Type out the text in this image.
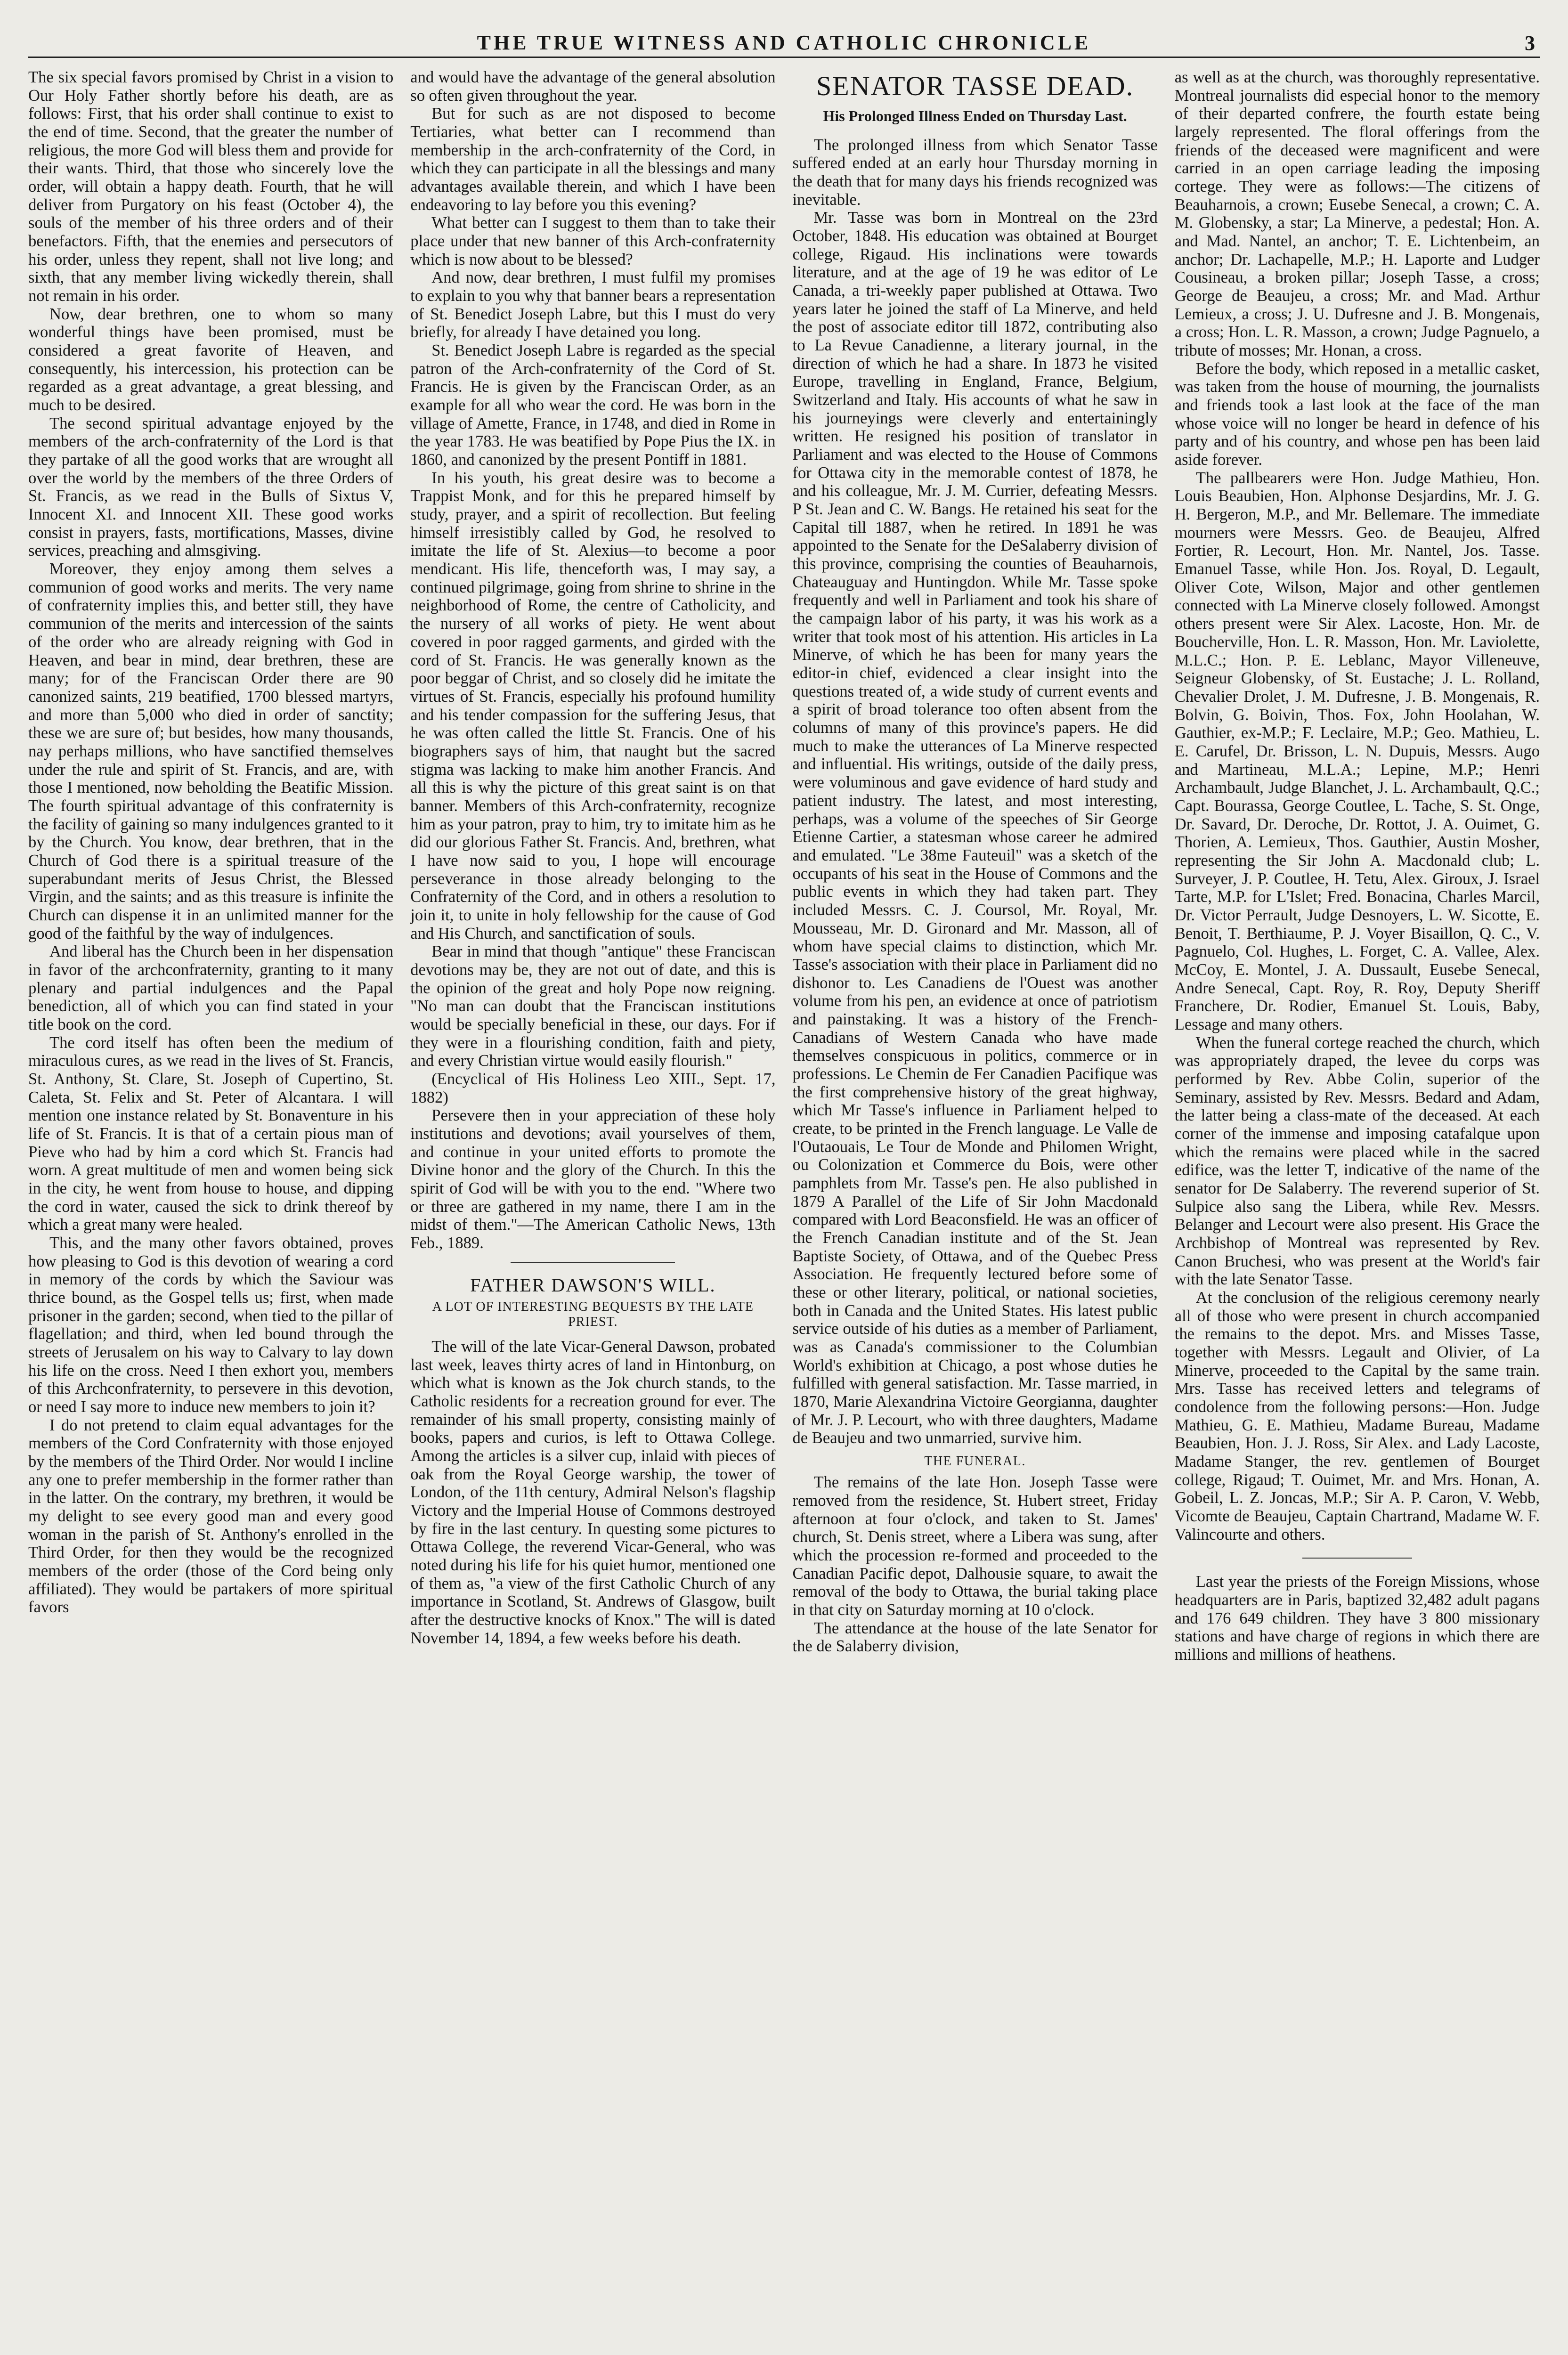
THE TRUE WITNESS AND CATHOLIC CHRONICLE	3

The six special favors promised by Christ in a vision to Our Holy Father shortly before his death, are as follows: First, that his order shall continue to exist to the end of time. Second, that the greater the number of religious, the more God will bless them and provide for their wants. Third, that those who sincerely love the order, will obtain a happy death. Fourth, that he will deliver from Purgatory on his feast (October 4), the souls of the member of his three orders and of their benefactors. Fifth, that the enemies and persecutors of his order, unless they repent, shall not live long; and sixth, that any member living wickedly therein, shall not remain in his order.

Now, dear brethren, one to whom so many wonderful things have been promised, must be considered a great favorite of Heaven, and consequently, his intercession, his protection can be regarded as a great advantage, a great blessing, and much to be desired.

The second spiritual advantage enjoyed by the members of the arch-confraternity of the Lord is that they partake of all the good works that are wrought all over the world by the members of the three Orders of St. Francis, as we read in the Bulls of Sixtus V, Innocent XI. and Innocent XII. These good works consist in prayers, fasts, mortifications, Masses, divine services, preaching and almsgiving.

Moreover, they enjoy among them selves a communion of good works and merits. The very name of confraternity implies this, and better still, they have communion of the merits and intercession of the saints of the order who are already reigning with God in Heaven, and bear in mind, dear brethren, these are many; for of the Franciscan Order there are 90 canonized saints, 219 beatified, 1700 blessed martyrs, and more than 5,000 who died in order of sanctity; these we are sure of; but besides, how many thousands, nay perhaps millions, who have sanctified themselves under the rule and spirit of St. Francis, and are, with those I mentioned, now beholding the Beatific Mission. The fourth spiritual advantage of this confraternity is the facility of gaining so many indulgences granted to it by the Church. You know, dear brethren, that in the Church of God there is a spiritual treasure of the superabundant merits of Jesus Christ, the Blessed Virgin, and the saints; and as this treasure is infinite the Church can dispense it in an unlimited manner for the good of the faithful by the way of indulgences.

And liberal has the Church been in her dispensation in favor of the archconfraternity, granting to it many plenary and partial indulgences and the Papal benediction, all of which you can find stated in your title book on the cord.

The cord itself has often been the medium of miraculous cures, as we read in the lives of St. Francis, St. Anthony, St. Clare, St. Joseph of Cupertino, St. Caleta, St. Felix and St. Peter of Alcantara. I will mention one instance related by St. Bonaventure in his life of St. Francis. It is that of a certain pious man of Pieve who had by him a cord which St. Francis had worn. A great multitude of men and women being sick in the city, he went from house to house, and dipping the cord in water, caused the sick to drink thereof by which a great many were healed.

This, and the many other favors obtained, proves how pleasing to God is this devotion of wearing a cord in memory of the cords by which the Saviour was thrice bound, as the Gospel tells us; first, when made prisoner in the garden; second, when tied to the pillar of flagellation; and third, when led bound through the streets of Jerusalem on his way to Calvary to lay down his life on the cross. Need I then exhort you, members of this Archconfraternity, to persevere in this devotion, or need I say more to induce new members to join it?

I do not pretend to claim equal advantages for the members of the Cord Confraternity with those enjoyed by the members of the Third Order. Nor would I incline any one to prefer membership in the former rather than in the latter. On the contrary, my brethren, it would be my delight to see every good man and every good woman in the parish of St. Anthony's enrolled in the Third Order, for then they would be the recognized members of the order (those of the Cord being only affiliated). They would be partakers of more spiritual favors

and would have the advantage of the general absolution so often given throughout the year.

But for such as are not disposed to become Tertiaries, what better can I recommend than membership in the arch-confraternity of the Cord, in which they can participate in all the blessings and many advantages available therein, and which I have been endeavoring to lay before you this evening?

What better can I suggest to them than to take their place under that new banner of this Arch-confraternity which is now about to be blessed?

And now, dear brethren, I must fulfil my promises to explain to you why that banner bears a representation of St. Benedict Joseph Labre, but this I must do very briefly, for already I have detained you long.

St. Benedict Joseph Labre is regarded as the special patron of the Arch-confraternity of the Cord of St. Francis. He is given by the Franciscan Order, as an example for all who wear the cord. He was born in the village of Amette, France, in 1748, and died in Rome in the year 1783. He was beatified by Pope Pius the IX. in 1860, and canonized by the present Pontiff in 1881.

In his youth, his great desire was to become a Trappist Monk, and for this he prepared himself by study, prayer, and a spirit of recollection. But feeling himself irresistibly called by God, he resolved to imitate the life of St. Alexius—to become a poor mendicant. His life, thenceforth was, I may say, a continued pilgrimage, going from shrine to shrine in the neighborhood of Rome, the centre of Catholicity, and the nursery of all works of piety. He went about covered in poor ragged garments, and girded with the cord of St. Francis. He was generally known as the poor beggar of Christ, and so closely did he imitate the virtues of St. Francis, especially his profound humility and his tender compassion for the suffering Jesus, that he was often called the little St. Francis. One of his biographers says of him, that naught but the sacred stigma was lacking to make him another Francis. And all this is why the picture of this great saint is on that banner. Members of this Arch-confraternity, recognize him as your patron, pray to him, try to imitate him as he did our glorious Father St. Francis. And, brethren, what I have now said to you, I hope will encourage perseverance in those already belonging to the Confraternity of the Cord, and in others a resolution to join it, to unite in holy fellowship for the cause of God and His Church, and sanctification of souls.

Bear in mind that though "antique" these Franciscan devotions may be, they are not out of date, and this is the opinion of the great and holy Pope now reigning. "No man can doubt that the Franciscan institutions would be specially beneficial in these, our days. For if they were in a flourishing condition, faith and piety, and every Christian virtue would easily flourish."

(Encyclical of His Holiness Leo XIII., Sept. 17, 1882)

Persevere then in your appreciation of these holy institutions and devotions; avail yourselves of them, and continue in your united efforts to promote the Divine honor and the glory of the Church. In this the spirit of God will be with you to the end. "Where two or three are gathered in my name, there I am in the midst of them."—The American Catholic News, 13th Feb., 1889.

FATHER DAWSON'S WILL.
A LOT OF INTERESTING BEQUESTS BY THE LATE PRIEST.

The will of the late Vicar-General Dawson, probated last week, leaves thirty acres of land in Hintonburg, on which what is known as the Jok church stands, to the Catholic residents for a recreation ground for ever. The remainder of his small property, consisting mainly of books, papers and curios, is left to Ottawa College. Among the articles is a silver cup, inlaid with pieces of oak from the Royal George warship, the tower of London, of the 11th century, Admiral Nelson's flagship Victory and the Imperial House of Commons destroyed by fire in the last century. In questing some pictures to Ottawa College, the reverend Vicar-General, who was noted during his life for his quiet humor, mentioned one of them as, "a view of the first Catholic Church of any importance in Scotland, St. Andrews of Glasgow, built after the destructive knocks of Knox." The will is dated November 14, 1894, a few weeks before his death.

SENATOR TASSE DEAD.
His Prolonged Illness Ended on Thursday Last.

The prolonged illness from which Senator Tasse suffered ended at an early hour Thursday morning in the death that for many days his friends recognized was inevitable.

Mr. Tasse was born in Montreal on the 23rd October, 1848. His education was obtained at Bourget college, Rigaud. His inclinations were towards literature, and at the age of 19 he was editor of Le Canada, a tri-weekly paper published at Ottawa. Two years later he joined the staff of La Minerve, and held the post of associate editor till 1872, contributing also to La Revue Canadienne, a literary journal, in the direction of which he had a share. In 1873 he visited Europe, travelling in England, France, Belgium, Switzerland and Italy. His accounts of what he saw in his journeyings were cleverly and entertainingly written. He resigned his position of translator in Parliament and was elected to the House of Commons for Ottawa city in the memorable contest of 1878, he and his colleague, Mr. J. M. Currier, defeating Messrs. P St. Jean and C. W. Bangs. He retained his seat for the Capital till 1887, when he retired. In 1891 he was appointed to the Senate for the DeSalaberry division of this province, comprising the counties of Beauharnois, Chateauguay and Huntingdon. While Mr. Tasse spoke frequently and well in Parliament and took his share of the campaign labor of his party, it was his work as a writer that took most of his attention. His articles in La Minerve, of which he has been for many years the editor-in chief, evidenced a clear insight into the questions treated of, a wide study of current events and a spirit of broad tolerance too often absent from the columns of many of this province's papers. He did much to make the utterances of La Minerve respected and influential. His writings, outside of the daily press, were voluminous and gave evidence of hard study and patient industry. The latest, and most interesting, perhaps, was a volume of the speeches of Sir George Etienne Cartier, a statesman whose career he admired and emulated. "Le 38me Fauteuil" was a sketch of the occupants of his seat in the House of Commons and the public events in which they had taken part. They included Messrs. C. J. Coursol, Mr. Royal, Mr. Mousseau, Mr. D. Gironard and Mr. Masson, all of whom have special claims to distinction, which Mr. Tasse's association with their place in Parliament did no dishonor to. Les Canadiens de l'Ouest was another volume from his pen, an evidence at once of patriotism and painstaking. It was a history of the French-Canadians of Western Canada who have made themselves conspicuous in politics, commerce or in professions. Le Chemin de Fer Canadien Pacifique was the first comprehensive history of the great highway, which Mr Tasse's influence in Parliament helped to create, to be printed in the French language. Le Valle de l'Outaouais, Le Tour de Monde and Philomen Wright, ou Colonization et Commerce du Bois, were other pamphlets from Mr. Tasse's pen. He also published in 1879 A Parallel of the Life of Sir John Macdonald compared with Lord Beaconsfield. He was an officer of the French Canadian institute and of the St. Jean Baptiste Society, of Ottawa, and of the Quebec Press Association. He frequently lectured before some of these or other literary, political, or national societies, both in Canada and the United States. His latest public service outside of his duties as a member of Parliament, was as Canada's commissioner to the Columbian World's exhibition at Chicago, a post whose duties he fulfilled with general satisfaction. Mr. Tasse married, in 1870, Marie Alexandrina Victoire Georgianna, daughter of Mr. J. P. Lecourt, who with three daughters, Madame de Beaujeu and two unmarried, survive him.

THE FUNERAL.

The remains of the late Hon. Joseph Tasse were removed from the residence, St. Hubert street, Friday afternoon at four o'clock, and taken to St. James' church, St. Denis street, where a Libera was sung, after which the procession re-formed and proceeded to the Canadian Pacific depot, Dalhousie square, to await the removal of the body to Ottawa, the burial taking place in that city on Saturday morning at 10 o'clock.

The attendance at the house of the late Senator for the de Salaberry division,

as well as at the church, was thoroughly representative. Montreal journalists did especial honor to the memory of their departed confrere, the fourth estate being largely represented. The floral offerings from the friends of the deceased were magnificent and were carried in an open carriage leading the imposing cortege. They were as follows:—The citizens of Beauharnois, a crown; Eusebe Senecal, a crown; C. A. M. Globensky, a star; La Minerve, a pedestal; Hon. A. and Mad. Nantel, an anchor; T. E. Lichtenbeim, an anchor; Dr. Lachapelle, M.P.; H. Laporte and Ludger Cousineau, a broken pillar; Joseph Tasse, a cross; George de Beaujeu, a cross; Mr. and Mad. Arthur Lemieux, a cross; J. U. Dufresne and J. B. Mongenais, a cross; Hon. L. R. Masson, a crown; Judge Pagnuelo, a tribute of mosses; Mr. Honan, a cross.

Before the body, which reposed in a metallic casket, was taken from the house of mourning, the journalists and friends took a last look at the face of the man whose voice will no longer be heard in defence of his party and of his country, and whose pen has been laid aside forever.

The pallbearers were Hon. Judge Mathieu, Hon. Louis Beaubien, Hon. Alphonse Desjardins, Mr. J. G. H. Bergeron, M.P., and Mr. Bellemare. The immediate mourners were Messrs. Geo. de Beaujeu, Alfred Fortier, R. Lecourt, Hon. Mr. Nantel, Jos. Tasse. Emanuel Tasse, while Hon. Jos. Royal, D. Legault, Oliver Cote, Wilson, Major and other gentlemen connected with La Minerve closely followed. Amongst others present were Sir Alex. Lacoste, Hon. Mr. de Boucherville, Hon. L. R. Masson, Hon. Mr. Laviolette, M.L.C.; Hon. P. E. Leblanc, Mayor Villeneuve, Seigneur Globensky, of St. Eustache; J. L. Rolland, Chevalier Drolet, J. M. Dufresne, J. B. Mongenais, R. Bolvin, G. Boivin, Thos. Fox, John Hoolahan, W. Gauthier, ex-M.P.; F. Leclaire, M.P.; Geo. Mathieu, L. E. Carufel, Dr. Brisson, L. N. Dupuis, Messrs. Augo and Martineau, M.L.A.; Lepine, M.P.; Henri Archambault, Judge Blanchet, J. L. Archambault, Q.C.; Capt. Bourassa, George Coutlee, L. Tache, S. St. Onge, Dr. Savard, Dr. Deroche, Dr. Rottot, J. A. Ouimet, G. Thorien, A. Lemieux, Thos. Gauthier, Austin Mosher, representing the Sir John A. Macdonald club; L. Surveyer, J. P. Coutlee, H. Tetu, Alex. Giroux, J. Israel Tarte, M.P. for L'Islet; Fred. Bonacina, Charles Marcil, Dr. Victor Perrault, Judge Desnoyers, L. W. Sicotte, E. Benoit, T. Berthiaume, P. J. Voyer Bisaillon, Q. C., V. Pagnuelo, Col. Hughes, L. Forget, C. A. Vallee, Alex. McCoy, E. Montel, J. A. Dussault, Eusebe Senecal, Andre Senecal, Capt. Roy, R. Roy, Deputy Sheriff Franchere, Dr. Rodier, Emanuel St. Louis, Baby, Lessage and many others.

When the funeral cortege reached the church, which was appropriately draped, the levee du corps was performed by Rev. Abbe Colin, superior of the Seminary, assisted by Rev. Messrs. Bedard and Adam, the latter being a class-mate of the deceased. At each corner of the immense and imposing catafalque upon which the remains were placed while in the sacred edifice, was the letter T, indicative of the name of the senator for De Salaberry. The reverend superior of St. Sulpice also sang the Libera, while Rev. Messrs. Belanger and Lecourt were also present. His Grace the Archbishop of Montreal was represented by Rev. Canon Bruchesi, who was present at the World's fair with the late Senator Tasse.

At the conclusion of the religious ceremony nearly all of those who were present in church accompanied the remains to the depot. Mrs. and Misses Tasse, together with Messrs. Legault and Olivier, of La Minerve, proceeded to the Capital by the same train. Mrs. Tasse has received letters and telegrams of condolence from the following persons:—Hon. Judge Mathieu, G. E. Mathieu, Madame Bureau, Madame Beaubien, Hon. J. J. Ross, Sir Alex. and Lady Lacoste, Madame Stanger, the rev. gentlemen of Bourget college, Rigaud; T. Ouimet, Mr. and Mrs. Honan, A. Gobeil, L. Z. Joncas, M.P.; Sir A. P. Caron, V. Webb, Vicomte de Beaujeu, Captain Chartrand, Madame W. F. Valincourte and others.

Last year the priests of the Foreign Missions, whose headquarters are in Paris, baptized 32,482 adult pagans and 176 649 children. They have 3 800 missionary stations and have charge of regions in which there are millions and millions of heathens.
